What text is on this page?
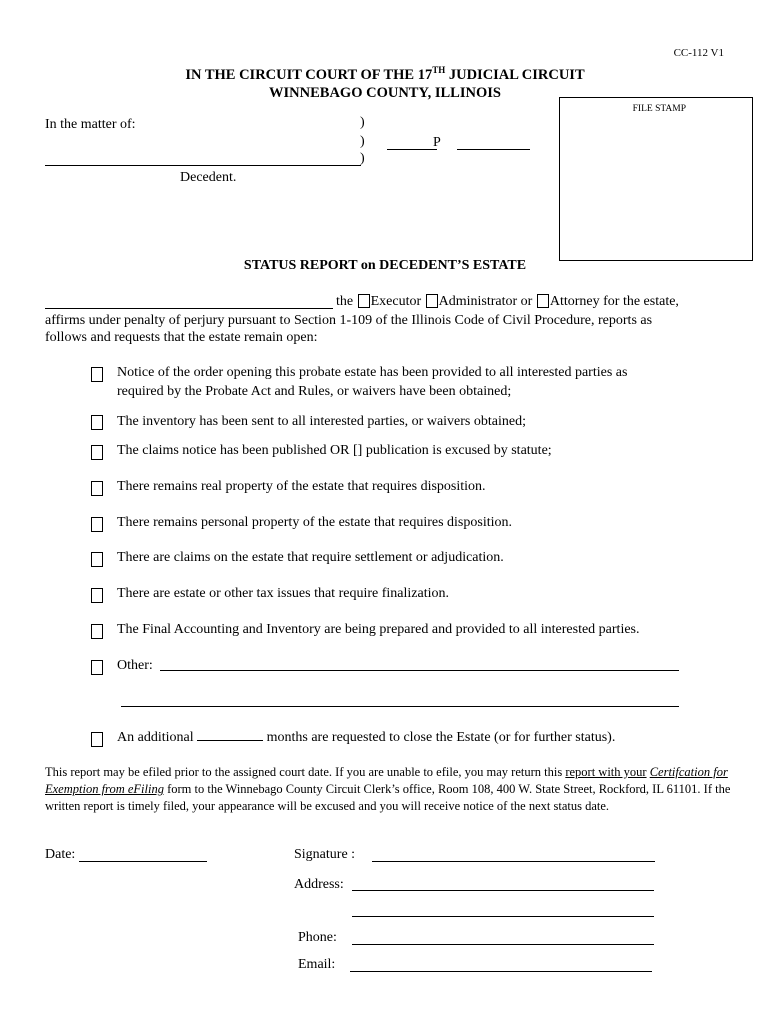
CC-112 V1
IN THE CIRCUIT COURT OF THE 17TH JUDICIAL CIRCUIT
WINNEBAGO COUNTY, ILLINOIS
FILE STAMP
In the matter of:	)
)
)
P
Decedent.
STATUS REPORT on DECEDENT’S ESTATE
the Executor Administrator or Attorney for the estate,
affirms under penalty of perjury pursuant to Section 1-109 of the Illinois Code of Civil Procedure, reports as
follows and requests that the estate remain open:
Notice of the order opening this probate estate has been provided to all interested parties as
required by the Probate Act and Rules, or waivers have been obtained;
The inventory has been sent to all interested parties, or waivers obtained;
The claims notice has been published OR [] publication is excused by statute;
There remains real property of the estate that requires disposition.
There remains personal property of the estate that requires disposition.
There are claims on the estate that require settlement or adjudication.
There are estate or other tax issues that require finalization.
The Final Accounting and Inventory are being prepared and provided to all interested parties.
Other:
An additional	months are requested to close the Estate (or for further status).
This report may be efiled prior to the assigned court date. If you are unable to efile, you may return this report with your Certifcation for Exemption from eFiling form to the Winnebago County Circuit Clerk’s office, Room 108, 400 W. State Street, Rockford, IL 61101. If the written report is timely filed, your appearance will be excused and you will receive notice of the next status date.
Date:	Signature :
Address:
Phone:
Email:
